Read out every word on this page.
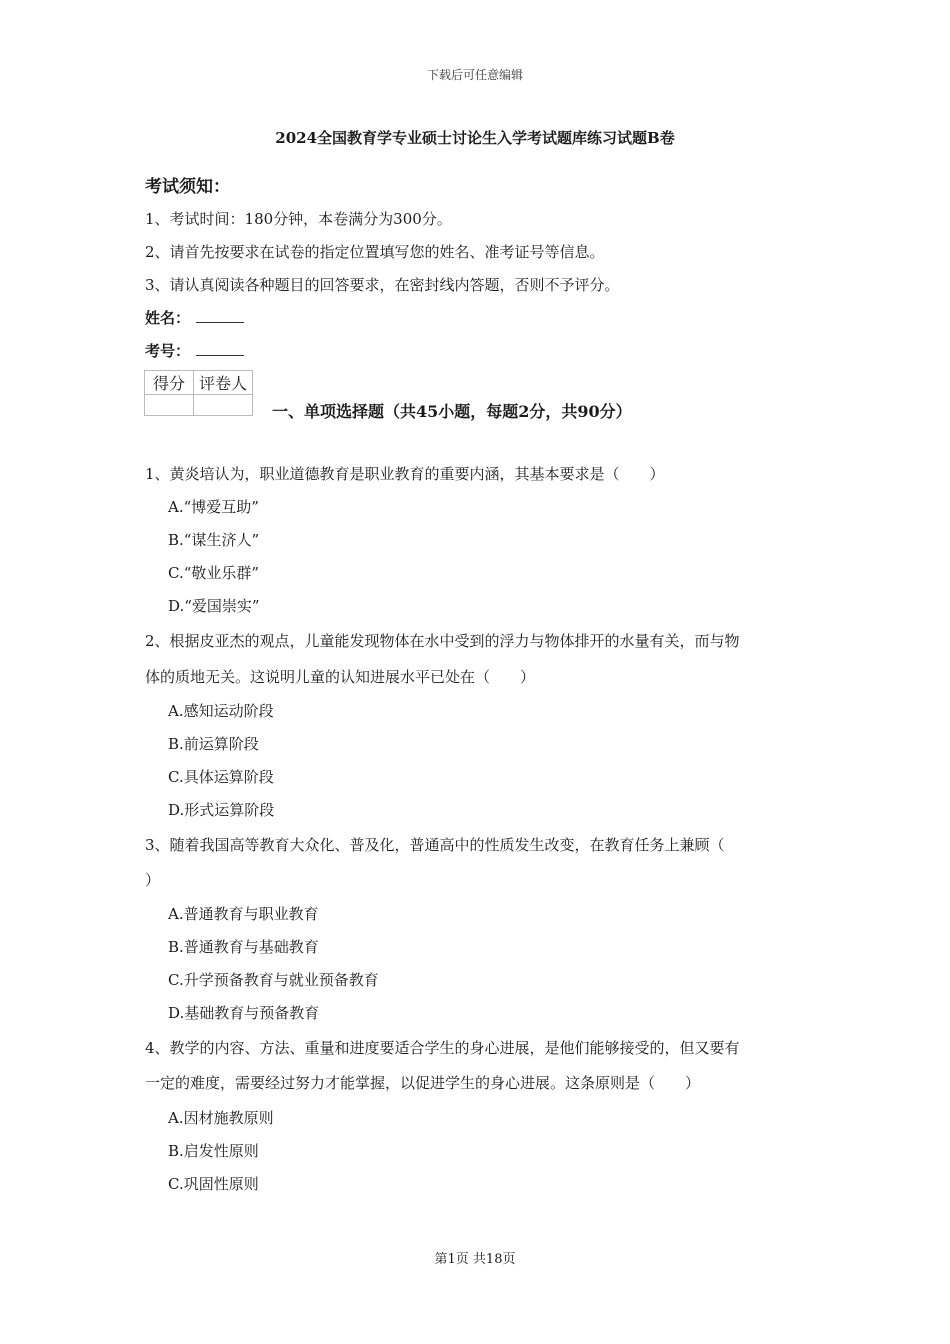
下载后可任意编辑
2024全国教育学专业硕士讨论生入学考试题库练习试题B卷
考试须知：
1、考试时间：180分钟，本卷满分为300分。
2、请首先按要求在试卷的指定位置填写您的姓名、准考证号等信息。
3、请认真阅读各种题目的回答要求，在密封线内答题，否则不予评分。
姓名：
考号：
得分	评卷人

一、单项选择题（共45小题，每题2分，共90分）
1、黄炎培认为，职业道德教育是职业教育的重要内涵，其基本要求是（　　）
A.“博爱互助”
B.“谋生济人”
C.“敬业乐群”
D.“爱国崇实”
2、根据皮亚杰的观点，儿童能发现物体在水中受到的浮力与物体排开的水量有关，而与物
体的质地无关。这说明儿童的认知进展水平已处在（　　）
A.感知运动阶段
B.前运算阶段
C.具体运算阶段
D.形式运算阶段
3、随着我国高等教育大众化、普及化，普通高中的性质发生改变，在教育任务上兼顾（
）
A.普通教育与职业教育
B.普通教育与基础教育
C.升学预备教育与就业预备教育
D.基础教育与预备教育
4、教学的内容、方法、重量和进度要适合学生的身心进展，是他们能够接受的，但又要有
一定的难度，需要经过努力才能掌握，以促进学生的身心进展。这条原则是（　　）
A.因材施教原则
B.启发性原则
C.巩固性原则
第1页 共18页
